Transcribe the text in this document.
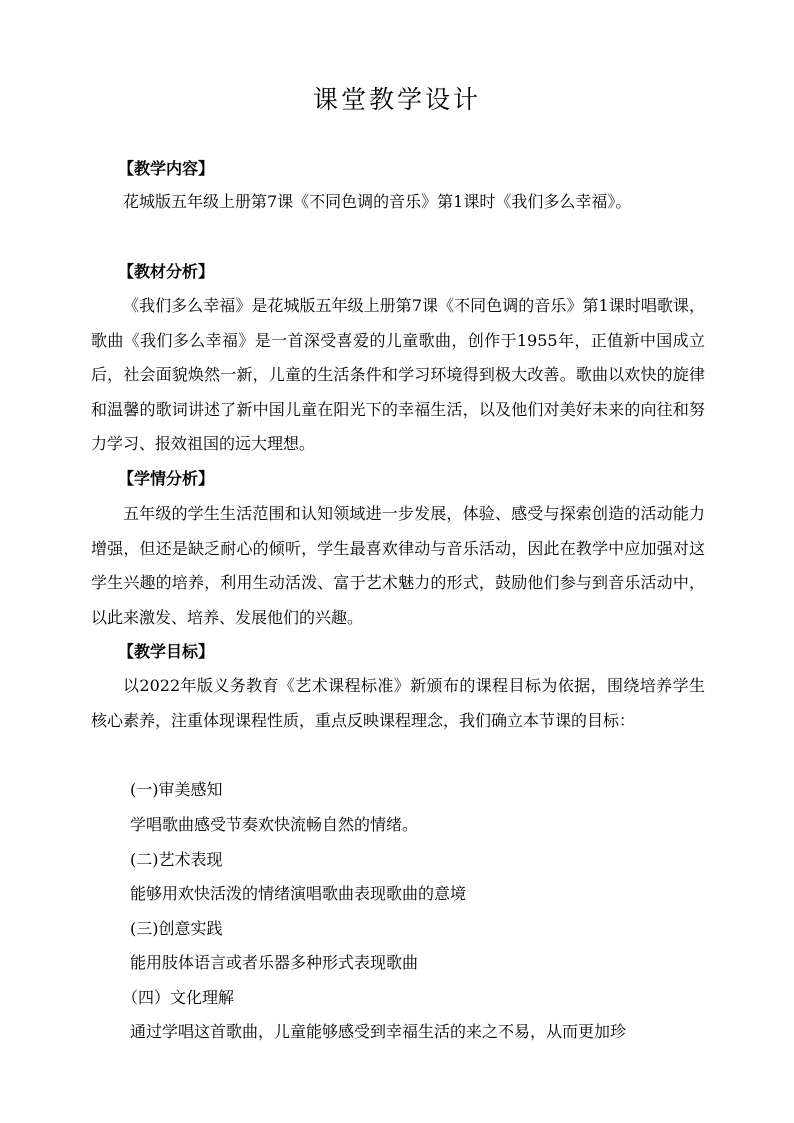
课堂教学设计
【教学内容】

花城版五年级上册第7课《不同色调的音乐》第1课时《我们多么幸福》。

【教材分析】

《我们多么幸福》是花城版五年级上册第7课《不同色调的音乐》第1课时唱歌课，歌曲《我们多么幸福》是一首深受喜爱的儿童歌曲，创作于1955年，正值新中国成立后，社会面貌焕然一新，儿童的生活条件和学习环境得到极大改善。歌曲以欢快的旋律和温馨的歌词讲述了新中国儿童在阳光下的幸福生活，以及他们对美好未来的向往和努力学习、报效祖国的远大理想。

【学情分析】

五年级的学生生活范围和认知领域进一步发展，体验、感受与探索创造的活动能力增强，但还是缺乏耐心的倾听，学生最喜欢律动与音乐活动，因此在教学中应加强对这学生兴趣的培养，利用生动活泼、富于艺术魅力的形式，鼓励他们参与到音乐活动中，以此来激发、培养、发展他们的兴趣。

【教学目标】

以2022年版义务教育《艺术课程标准》新颁布的课程目标为依据，围绕培养学生核心素养，注重体现课程性质，重点反映课程理念，我们确立本节课的目标：

(一)审美感知
学唱歌曲感受节奏欢快流畅自然的情绪。
(二)艺术表现
能够用欢快活泼的情绪演唱歌曲表现歌曲的意境
(三)创意实践
能用肢体语言或者乐器多种形式表现歌曲
（四）文化理解
通过学唱这首歌曲，儿童能够感受到幸福生活的来之不易，从而更加珍
